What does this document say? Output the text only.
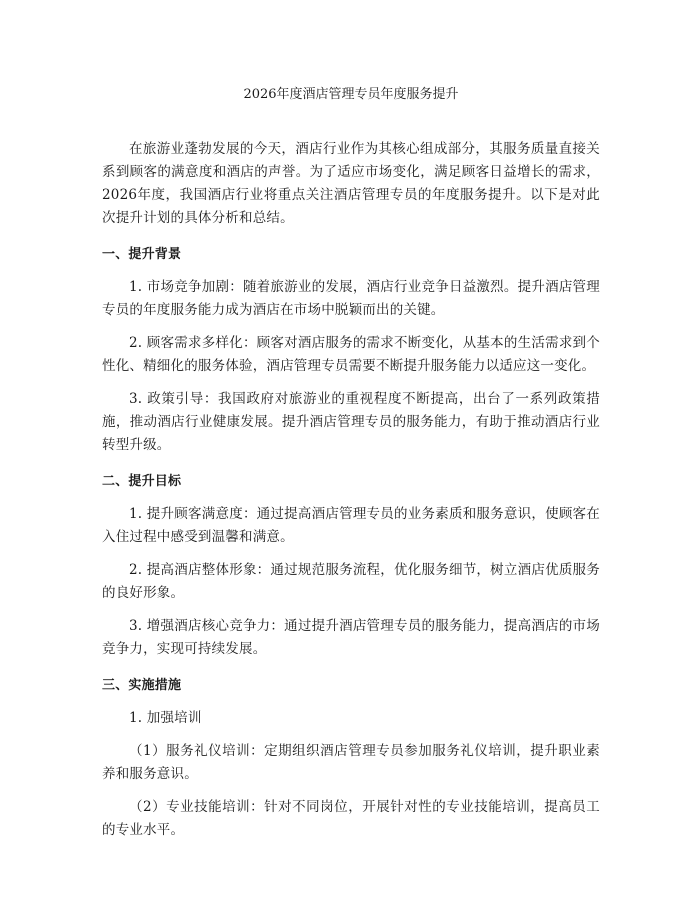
2026年度酒店管理专员年度服务提升

在旅游业蓬勃发展的今天，酒店行业作为其核心组成部分，其服务质量直接关系到顾客的满意度和酒店的声誉。为了适应市场变化，满足顾客日益增长的需求，2026年度，我国酒店行业将重点关注酒店管理专员的年度服务提升。以下是对此次提升计划的具体分析和总结。

一、提升背景

1. 市场竞争加剧：随着旅游业的发展，酒店行业竞争日益激烈。提升酒店管理专员的年度服务能力成为酒店在市场中脱颖而出的关键。

2. 顾客需求多样化：顾客对酒店服务的需求不断变化，从基本的生活需求到个性化、精细化的服务体验，酒店管理专员需要不断提升服务能力以适应这一变化。

3. 政策引导：我国政府对旅游业的重视程度不断提高，出台了一系列政策措施，推动酒店行业健康发展。提升酒店管理专员的服务能力，有助于推动酒店行业转型升级。

二、提升目标

1. 提升顾客满意度：通过提高酒店管理专员的业务素质和服务意识，使顾客在入住过程中感受到温馨和满意。

2. 提高酒店整体形象：通过规范服务流程，优化服务细节，树立酒店优质服务的良好形象。

3. 增强酒店核心竞争力：通过提升酒店管理专员的服务能力，提高酒店的市场竞争力，实现可持续发展。

三、实施措施

1. 加强培训

（1）服务礼仪培训：定期组织酒店管理专员参加服务礼仪培训，提升职业素养和服务意识。

（2）专业技能培训：针对不同岗位，开展针对性的专业技能培训，提高员工的专业水平。
